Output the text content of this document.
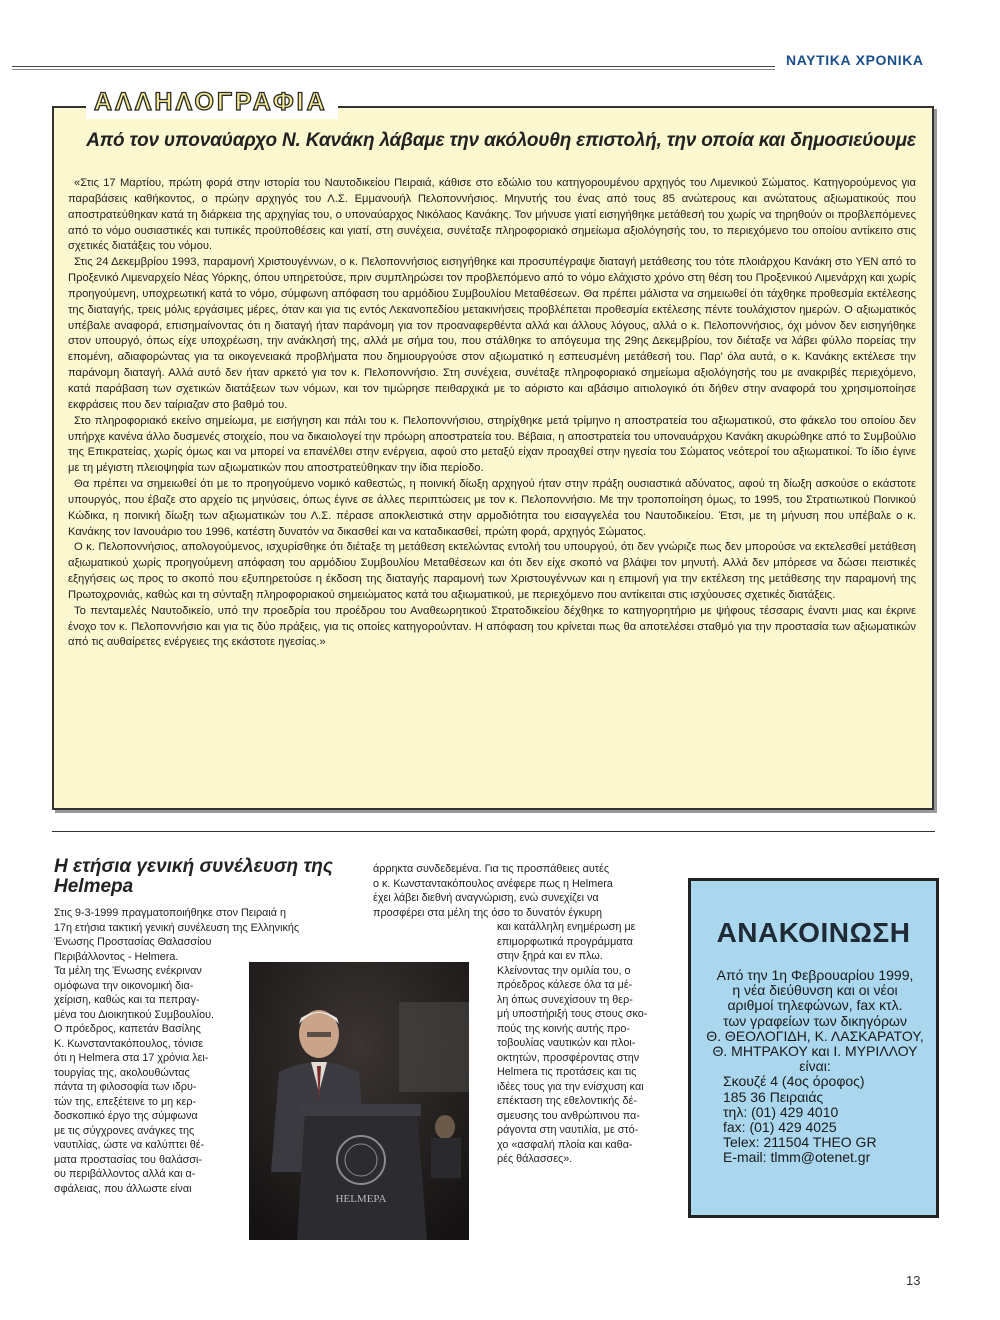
ΝΑΥΤΙΚΑ ΧΡΟΝΙΚΑ
ΑΛΛΗΛΟΓΡΑΦΙΑ
Από τον υποναύαρχο Ν. Κανάκη λάβαμε την ακόλουθη επιστολή, την οποία και δημοσιεύουμε

«Στις 17 Μαρτίου, πρώτη φορά στην ιστορία του Ναυτοδικείου Πειραιά, κάθισε στο εδώλιο του κατηγορουμένου αρχηγός του Λιμενικού Σώματος. Κατηγορούμενος για παραβάσεις καθήκοντος, ο πρώην αρχηγός του Λ.Σ. Εμμανουήλ Πελοποννήσιος. Μηνυτής του ένας από τους 85 ανώτερους και ανώτατους αξιωματικούς που αποστρατεύθηκαν κατά τη διάρκεια της αρχηγίας του, ο υποναύαρχος Νικόλαος Κανάκης. Τον μήνυσε γιατί εισηγήθηκε μετάθεσή του χωρίς να τηρηθούν οι προβλεπόμενες από το νόμο ουσιαστικές και τυπικές προϋποθέσεις και γιατί, στη συνέχεια, συνέταξε πληροφοριακό σημείωμα αξιολόγησής του, το περιεχόμενο του οποίου αντίκειτο στις σχετικές διατάξεις του νόμου.

Στις 24 Δεκεμβρίου 1993, παραμονή Χριστουγέννων, ο κ. Πελοποννήσιος εισηγήθηκε και προσυπέγραψε διαταγή μετάθεσης του τότε πλοιάρχου Κανάκη στο ΥΕΝ από το Προξενικό Λιμεναρχείο Νέας Υόρκης, όπου υπηρετούσε, πριν συμπληρώσει τον προβλεπόμενο από το νόμο ελάχιστο χρόνο στη θέση του Προξενικού Λιμενάρχη και χωρίς προηγούμενη, υποχρεωτική κατά το νόμο, σύμφωνη απόφαση του αρμόδιου Συμβουλίου Μεταθέσεων. Θα πρέπει μάλιστα να σημειωθεί ότι τάχθηκε προθεσμία εκτέλεσης της διαταγής, τρεις μόλις εργάσιμες μέρες, όταν και για τις εντός Λεκανοπεδίου μετακινήσεις προβλέπεται προθεσμία εκτέλεσης πέντε τουλάχιστον ημερών. Ο αξιωματικός υπέβαλε αναφορά, επισημαίνοντας ότι η διαταγή ήταν παράνομη για τον προαναφερθέντα αλλά και άλλους λόγους, αλλά ο κ. Πελοποννήσιος, όχι μόνον δεν εισηγήθηκε στον υπουργό, όπως είχε υποχρέωση, την ανάκλησή της, αλλά με σήμα του, που στάλθηκε το απόγευμα της 29ης Δεκεμβρίου, τον διέταξε να λάβει φύλλο πορείας την επομένη, αδιαφορώντας για τα οικογενειακά προβλήματα που δημιουργούσε στον αξιωματικό η εσπευσμένη μετάθεσή του. Παρ' όλα αυτά, ο κ. Κανάκης εκτέλεσε την παράνομη διαταγή. Αλλά αυτό δεν ήταν αρκετό για τον κ. Πελοποννήσιο. Στη συνέχεια, συνέταξε πληροφοριακό σημείωμα αξιολόγησής του με ανακριβές περιεχόμενο, κατά παράβαση των σχετικών διατάξεων των νόμων, και τον τιμώρησε πειθαρχικά με το αόριστο και αβάσιμο αιτιολογικό ότι δήθεν στην αναφορά του χρησιμοποίησε εκφράσεις που δεν ταίριαζαν στο βαθμό του.

Στο πληροφοριακό εκείνο σημείωμα, με εισήγηση και πάλι του κ. Πελοποννήσιου, στηρίχθηκε μετά τρίμηνο η αποστρατεία του αξιωματικού, στο φάκελο του οποίου δεν υπήρχε κανένα άλλο δυσμενές στοιχείο, που να δικαιολογεί την πρόωρη αποστρατεία του. Βέβαια, η αποστρατεία του υποναυάρχου Κανάκη ακυρώθηκε από το Συμβούλιο της Επικρατείας, χωρίς όμως και να μπορεί να επανέλθει στην ενέργεια, αφού στο μεταξύ είχαν προαχθεί στην ηγεσία του Σώματος νεότεροί του αξιωματικοί. Το ίδιο έγινε με τη μέγιστη πλειοψηφία των αξιωματικών που αποστρατεύθηκαν την ίδια περίοδο.

Θα πρέπει να σημειωθεί ότι με το προηγούμενο νομικό καθεστώς, η ποινική δίωξη αρχηγού ήταν στην πράξη ουσιαστικά αδύνατος, αφού τη δίωξη ασκούσε ο εκάστοτε υπουργός, που έβαζε στο αρχείο τις μηνύσεις, όπως έγινε σε άλλες περιπτώσεις με τον κ. Πελοποννήσιο. Με την τροποποίηση όμως, το 1995, του Στρατιωτικού Ποινικού Κώδικα, η ποινική δίωξη των αξιωματικών του Λ.Σ. πέρασε αποκλειστικά στην αρμοδιότητα του εισαγγελέα του Ναυτοδικείου. Έτσι, με τη μήνυση που υπέβαλε ο κ. Κανάκης τον Ιανουάριο του 1996, κατέστη δυνατόν να δικασθεί και να καταδικασθεί, πρώτη φορά, αρχηγός Σώματος.

Ο κ. Πελοποννήσιος, απολογούμενος, ισχυρίσθηκε ότι διέταξε τη μετάθεση εκτελώντας εντολή του υπουργού, ότι δεν γνώριζε πως δεν μπορούσε να εκτελεσθεί μετάθεση αξιωματικού χωρίς προηγούμενη απόφαση του αρμόδιου Συμβουλίου Μεταθέσεων και ότι δεν είχε σκοπό να βλάψει τον μηνυτή. Αλλά δεν μπόρεσε να δώσει πειστικές εξηγήσεις ως προς το σκοπό που εξυπηρετούσε η έκδοση της διαταγής παραμονή των Χριστουγέννων και η επιμονή για την εκτέλεση της μετάθεσης την παραμονή της Πρωτοχρονιάς, καθώς και τη σύνταξη πληροφοριακού σημειώματος κατά του αξιωματικού, με περιεχόμενο που αντίκειται στις ισχύουσες σχετικές διατάξεις.

Το πενταμελές Ναυτοδικείο, υπό την προεδρία του προέδρου του Αναθεωρητικού Στρατοδικείου δέχθηκε το κατηγορητήριο με ψήφους τέσσαρις έναντι μιας και έκρινε ένοχο τον κ. Πελοποννήσιο και για τις δύο πράξεις, για τις οποίες κατηγορούνταν. Η απόφαση του κρίνεται πως θα αποτελέσει σταθμό για την προστασία των αξιωματικών από τις αυθαίρετες ενέργειες της εκάστοτε ηγεσίας.»

Η ετήσια γενική συνέλευση της Helmepa
Στις 9-3-1999 πραγματοποιήθηκε στον Πειραιά η
17η ετήσια τακτική γενική συνέλευση της Ελληνικής
Ένωσης Προστασίας Θαλασσίου
Περιβάλλοντος - Helmera.
Τα μέλη της Ένωσης ενέκριναν
ομόφωνα την οικονομική δια-
χείριση, καθώς και τα πεπραγ-
μένα του Διοικητικού Συμβουλίου.
Ο πρόεδρος, καπετάν Βασίλης
Κ. Κωνσταντακόπουλος, τόνισε
ότι η Helmera στα 17 χρόνια λει-
τουργίας της, ακολουθώντας
πάντα τη φιλοσοφία των ιδρυ-
τών της, επεξέτεινε το μη κερ-
δοσκοπικό έργο της σύμφωνα
με τις σύγχρονες ανάγκες της
ναυτιλίας, ώστε να καλύπτει θέ-
ματα προστασίας του θαλάσσι-
ου περιβάλλοντος αλλά και α-
σφάλειας, που άλλωστε είναι
άρρηκτα συνδεδεμένα. Για τις προσπάθειες αυτές
ο κ. Κωνσταντακόπουλος ανέφερε πως η Helmera
έχει λάβει διεθνή αναγνώριση, ενώ συνεχίζει να
προσφέρει στα μέλη της όσο το δυνατόν έγκυρη
και κατάλληλη ενημέρωση με
επιμορφωτικά προγράμματα
στην ξηρά και εν πλω.
Κλείνοντας την ομιλία του, ο
πρόεδρος κάλεσε όλα τα μέ-
λη όπως συνεχίσουν τη θερ-
μή υποστήριξή τους στους σκο-
πούς της κοινής αυτής προ-
τοβουλίας ναυτικών και πλοι-
οκτητών, προσφέροντας στην
Helmera τις προτάσεις και τις
ιδέες τους για την ενίσχυση και
επέκταση της εθελοντικής δέ-
σμευσης του ανθρώπινου πα-
ράγοντα στη ναυτιλία, με στό-
χο «ασφαλή πλοία και καθα-
ρές θάλασσες».
HELMEPA
ΑΝΑΚΟΙΝΩΣΗ
Από την 1η Φεβρουαρίου 1999,
η νέα διεύθυνση και οι νέοι
αριθμοί τηλεφώνων, fax κτλ.
των γραφείων των δικηγόρων
Θ. ΘΕΟΛΟΓΙΔΗ, Κ. ΛΑΣΚΑΡΑΤΟΥ,
Θ. ΜΗΤΡΑΚΟΥ και Ι. ΜΥΡΙΛΛΟΥ
είναι:
Σκουζέ 4 (4ος όροφος)
185 36 Πειραιάς
τηλ: (01) 429 4010
fax: (01) 429 4025
Telex: 211504 THEO GR
E-mail: tlmm@otenet.gr
13
